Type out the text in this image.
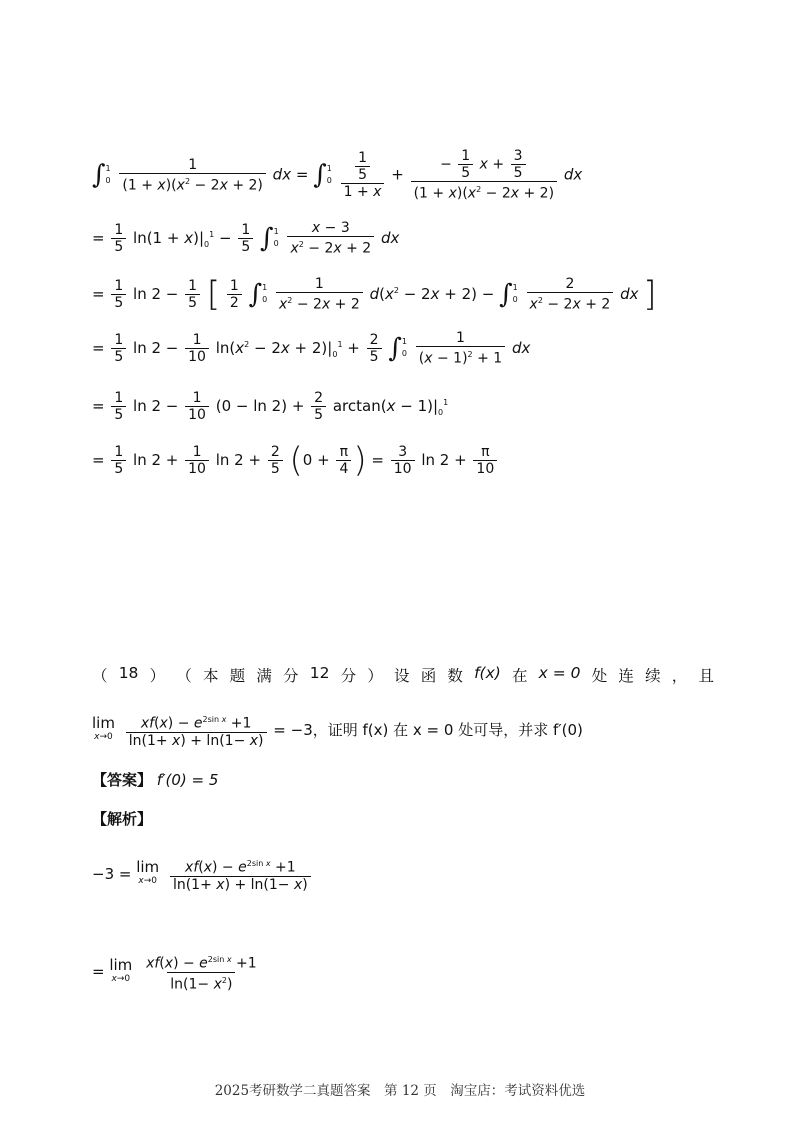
∫ 1
0
$\frac{1}{(1 + x)(x^2 - 2x + 2)}$ dx = ∫ 1
0
$\frac{\frac{1}{5}}{1 + x} + \frac{- \frac{1}{5} x + \frac{3}{5}}{(1 + x)(x^2 - 2x + 2)}$ dx
= $\frac{1}{5} \ln(1 + x)|_0^1 - \frac{1}{5}$ ∫ 1
0
$\frac{x - 3}{x^2 - 2x + 2}$ dx
= $\frac{1}{5}$ $\ln 2 - \frac{1}{5}$ [ $\frac{1}{2}$ ∫ 1
0
$\frac{1}{x^2 - 2x + 2} d(x^2 - 2x + 2)$ − ∫ 1
0
$\frac{2}{x^2 - 2x + 2}$ dx ]
= $\frac{1}{5}$ $\ln 2 - \frac{1}{10} \ln(x^2 - 2x + 2)|_0^1 + \frac{2}{5}$ ∫ 1
0
$\frac{1}{(x - 1)^2 + 1}$ dx
= $\frac{1}{5}$ $\ln 2 - \frac{1}{10} (0 - \ln 2) + \frac{2}{5} \arctan(x - 1)|_0^1$
= $\frac{1}{5}$ $\ln 2 + \frac{1}{10}$ $\ln 2 + \frac{2}{5} (0 + \frac{\pi}{4}$ ) = $\frac{3}{10}$ $\ln 2 + \frac{\pi}{10}$
（ 18 ） （ 本 题 满 分 12 分 ） 设 函 数 f(x) 在 x = 0 处 连 续 ， 且
lim
x→0
$\frac{xf(x) - e^{2sin x} +1}{\ln(1+ x) + \ln(1- x)} = -3$，证明 f(x) 在 x = 0 处可导，并求 f′(0)
【答案】 f′(0) = 5
【解析】
−3 = lim
x→0
$\frac{xf(x) - e^{2sin x} +1}{\ln(1+ x) + \ln(1- x)}$
= lim
x→0
$\frac{xf(x) - e^{2sin x} +1}{\ln(1- x^2)}$
2025考研数学二真题答案　第 12 页　淘宝店：考试资料优选
